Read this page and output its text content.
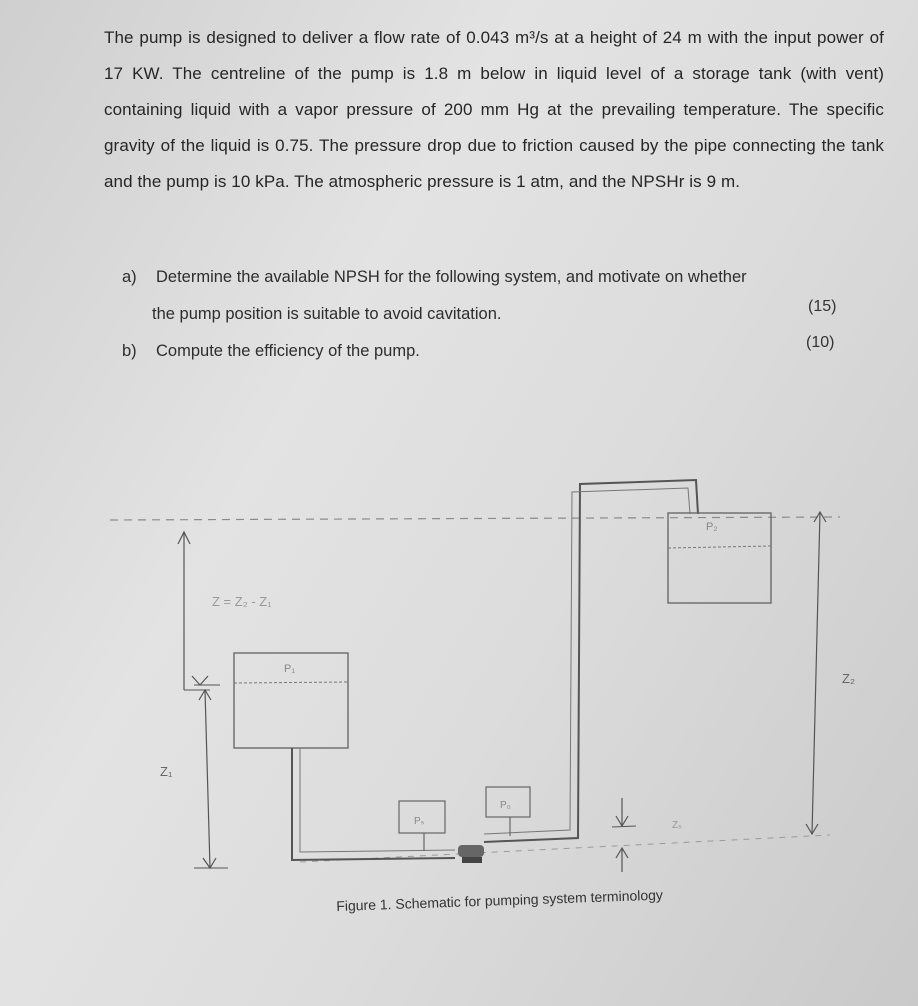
The pump is designed to deliver a flow rate of 0.043 m³/s at a height of 24 m with the input power of 17 KW. The centreline of the pump is 1.8 m below in liquid level of a storage tank (with vent) containing liquid with a vapor pressure of 200 mm Hg at the prevailing temperature. The specific gravity of the liquid is 0.75. The pressure drop due to friction caused by the pipe connecting the tank and the pump is 10 kPa. The atmospheric pressure is 1 atm, and the NPSHr is 9 m.
a) Determine the available NPSH for the following system, and motivate on whether
the pump position is suitable to avoid cavitation.	(15)
b) Compute the efficiency of the pump.	(10)
Z = Z₂ - Z₁
P₁
P₂
Pₛ
P₀
Z₁
Z₂
Zₛ
Figure 1. Schematic for pumping system terminology
